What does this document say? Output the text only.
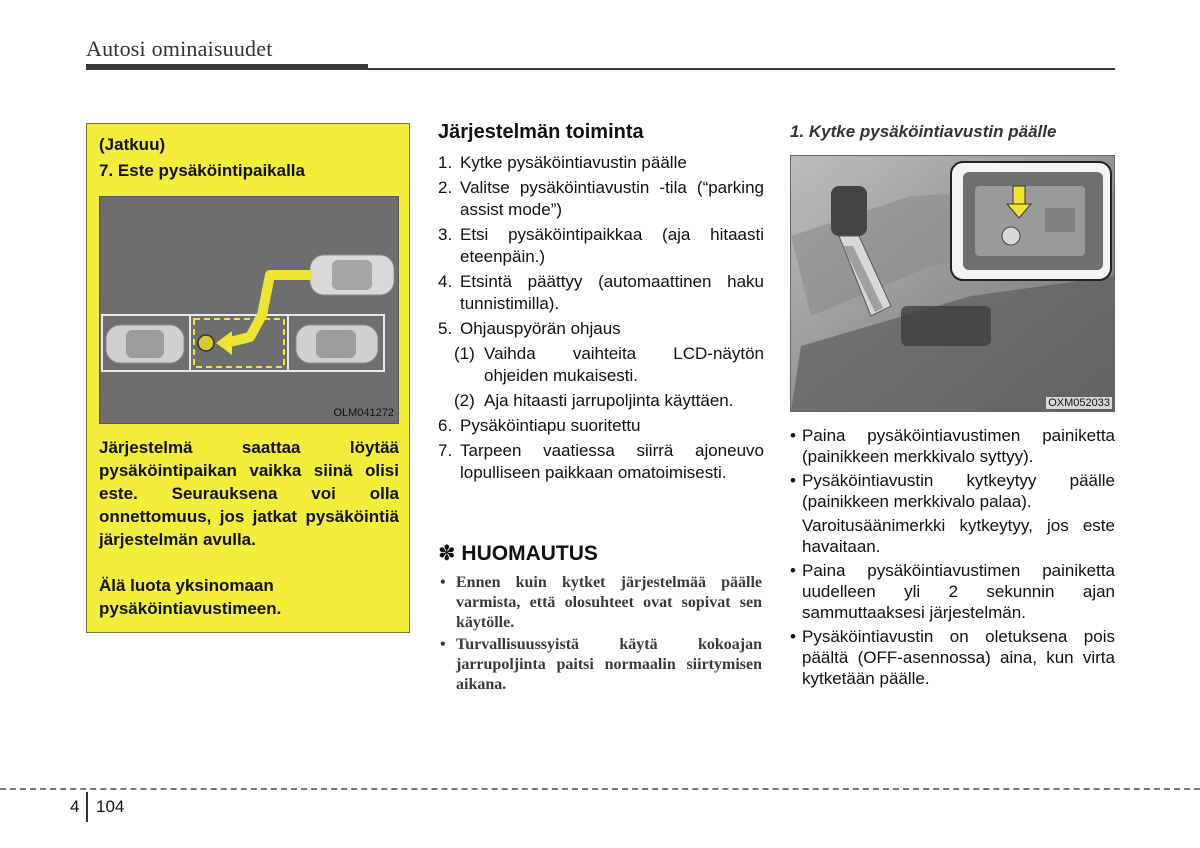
Autosi ominaisuudet
(Jatkuu)
7. Este pysäköintipaikalla
OLM041272
Järjestelmä saattaa löytää pysäköintipaikan vaikka siinä olisi este. Seurauksena voi olla onnettomuus, jos jatkat pysäköintiä järjestelmän avulla.
Älä luota yksinomaan pysäköintiavustimeen.
Järjestelmän toiminta
1. Kytke pysäköintiavustin päälle
2. Valitse pysäköintiavustin -tila (“parking assist mode”)
3. Etsi pysäköintipaikkaa (aja hitaasti eteenpäin.)
4. Etsintä päättyy (automaattinen haku tunnistimilla).
5. Ohjauspyörän ohjaus
(1) Vaihda vaihteita LCD-näytön ohjeiden mukaisesti.
(2) Aja hitaasti jarrupoljinta käyttäen.
6. Pysäköintiapu suoritettu
7. Tarpeen vaatiessa siirrä ajoneuvo lopulliseen paikkaan omatoimisesti.
✽ HUOMAUTUS
• Ennen kuin kytket järjestelmää päälle varmista, että olosuhteet ovat sopivat sen käytölle.
• Turvallisuussyistä käytä kokoajan jarrupoljinta paitsi normaalin siirtymisen aikana.
1. Kytke pysäköintiavustin päälle
OXM052033
• Paina pysäköintiavustimen painiketta (painikkeen merkkivalo syttyy).
• Pysäköintiavustin kytkeytyy päälle (painikkeen merkkivalo palaa).
Varoitusäänimerkki kytkeytyy, jos este havaitaan.
• Paina pysäköintiavustimen painiketta uudelleen yli 2 sekunnin ajan sammuttaaksesi järjestelmän.
• Pysäköintiavustin on oletuksena pois päältä (OFF-asennossa) aina, kun virta kytketään päälle.
4 104
